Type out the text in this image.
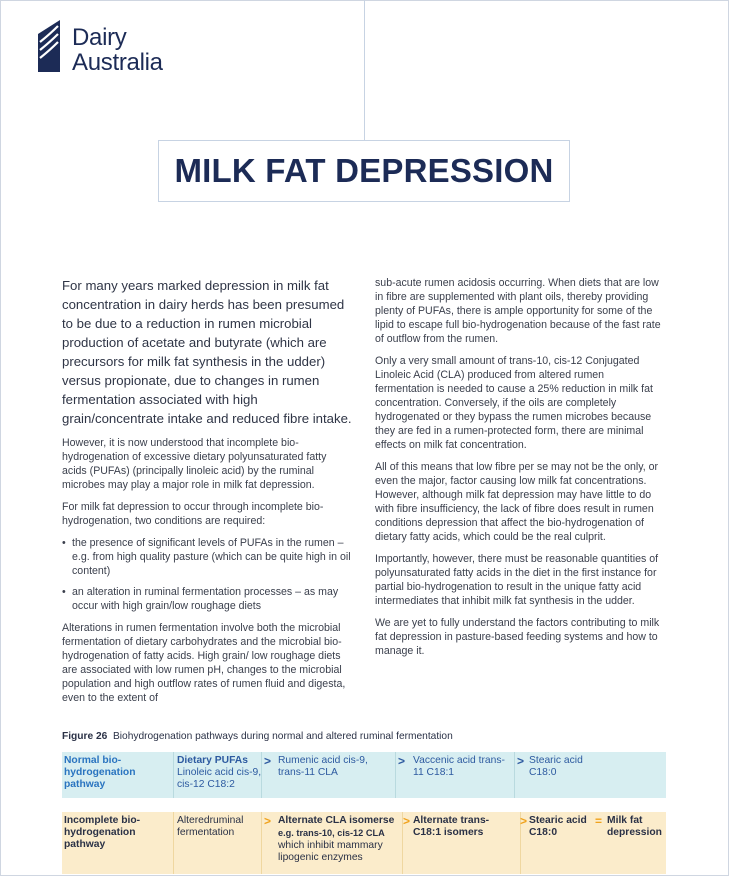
Dairy
Australia
MILK FAT DEPRESSION

For many years marked depression in milk fat concentration in dairy herds has been presumed to be due to a reduction in rumen microbial production of acetate and butyrate (which are precursors for milk fat synthesis in the udder) versus propionate, due to changes in rumen fermentation associated with high grain/concentrate intake and reduced fibre intake.

However, it is now understood that incomplete bio-hydrogenation of excessive dietary polyunsaturated fatty acids (PUFAs) (principally linoleic acid) by the ruminal microbes may play a major role in milk fat depression.

For milk fat depression to occur through incomplete bio-hydrogenation, two conditions are required:

• the presence of significant levels of PUFAs in the rumen – e.g. from high quality pasture (which can be quite high in oil content)
• an alteration in ruminal fermentation processes – as may occur with high grain/low roughage diets

Alterations in rumen fermentation involve both the microbial fermentation of dietary carbohydrates and the microbial bio-hydrogenation of fatty acids. High grain/ low roughage diets are associated with low rumen pH, changes to the microbial population and high outflow rates of rumen fluid and digesta, even to the extent of

sub-acute rumen acidosis occurring. When diets that are low in fibre are supplemented with plant oils, thereby providing plenty of PUFAs, there is ample opportunity for some of the lipid to escape full bio-hydrogenation because of the fast rate of outflow from the rumen.

Only a very small amount of trans-10, cis-12 Conjugated Linoleic Acid (CLA) produced from altered rumen fermentation is needed to cause a 25% reduction in milk fat concentration. Conversely, if the oils are completely hydrogenated or they bypass the rumen microbes because they are fed in a rumen-protected form, there are minimal effects on milk fat concentration.

All of this means that low fibre per se may not be the only, or even the major, factor causing low milk fat concentrations. However, although milk fat depression may have little to do with fibre insufficiency, the lack of fibre does result in rumen conditions depression that affect the bio-hydrogenation of dietary fatty acids, which could be the real culprit.

Importantly, however, there must be reasonable quantities of polyunsaturated fatty acids in the diet in the first instance for partial bio-hydrogenation to result in the unique fatty acid intermediates that inhibit milk fat synthesis in the udder.

We are yet to fully understand the factors contributing to milk fat depression in pasture-based feeding systems and how to manage it.

Figure 26 Biohydrogenation pathways during normal and altered ruminal fermentation
Normal bio-hydrogenation pathway
Dietary PUFAs
Linoleic acid cis-9, cis-12 C18:2
> Rumenic acid cis-9, trans-11 CLA
> Vaccenic acid trans-11 C18:1
> Stearic acid C18:0
Incomplete bio-hydrogenation pathway
Alteredruminal fermentation
> Alternate CLA isomerse
e.g. trans-10, cis-12 CLA
which inhibit mammary lipogenic enzymes
> Alternate trans-C18:1 isomers
> Stearic acid C18:0
= Milk fat depression
